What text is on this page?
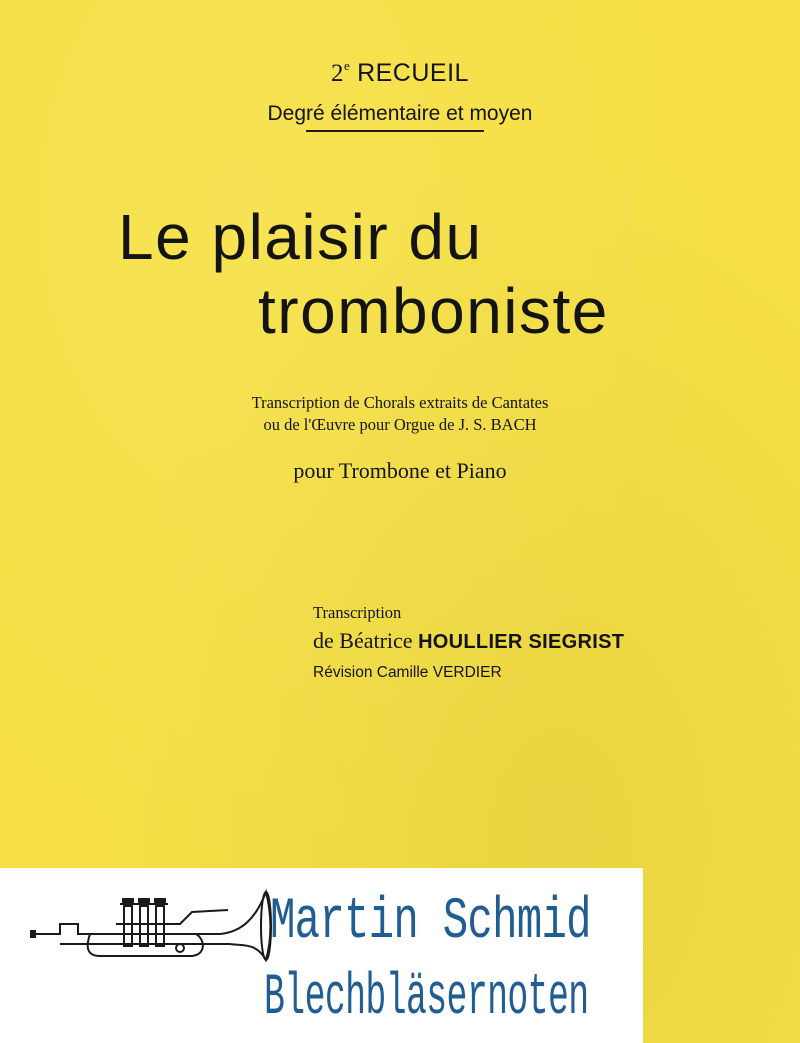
2e RECUEIL
Degré élémentaire et moyen
Le plaisir du
tromboniste
Transcription de Chorals extraits de Cantates
ou de l'Œuvre pour Orgue de J. S. BACH
pour Trombone et Piano
Transcription
de Béatrice HOULLIER SIEGRIST
Révision Camille VERDIER
Martin Schmid
Blechbläsernoten
